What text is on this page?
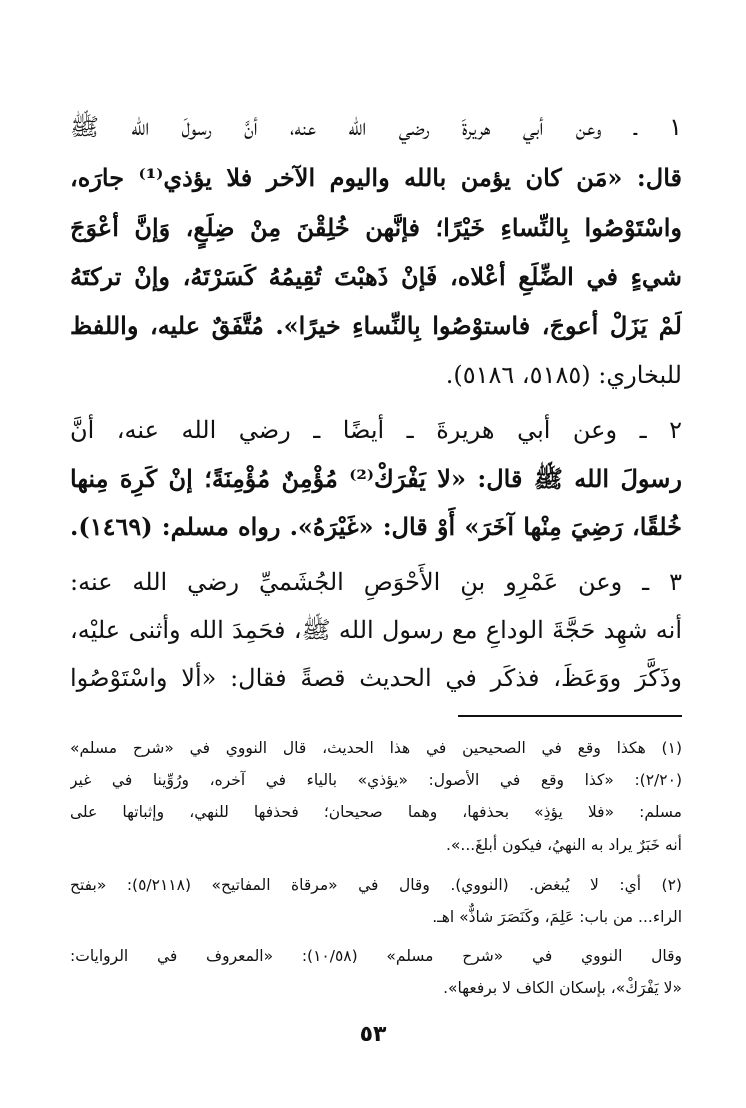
١ ـ وعن أبي هريرةَ رضي الله عنه، أنَّ رسولَ الله ﷺ
قال: «مَن كان يؤمن بالله واليوم الآخر فلا يؤذي⁽¹⁾ جارَه،
واسْتَوْصُوا بِالنِّساءِ خَيْرًا؛ فإنَّهن خُلِقْنَ مِنْ ضِلَعٍ، وَإنَّ أعْوَجَ
شيءٍ في الضِّلَعِ أعْلاه، فَإنْ ذَهبْتَ تُقِيمُهُ كَسَرْتَهُ، وإنْ تركتَهُ
لَمْ يَزَلْ أعوجَ، فاستوْصُوا بِالنِّساءِ خيرًا». مُتَّفَقٌ عليه، واللفظ
للبخاري: (٥١٨٥، ٥١٨٦).
٢ ـ وعن أبي هريرةَ ـ أيضًا ـ رضي الله عنه، أنَّ
رسولَ الله ﷺ قال: «لا يَفْرَكْ⁽²⁾ مُؤْمِنٌ مُؤْمِنَةً؛ إنْ كَرِهَ مِنها
خُلقًا، رَضِيَ مِنْها آخَرَ» أَوْ قال: «غَيْرَهُ». رواه مسلم: (١٤٦٩).
٣ ـ وعن عَمْرِو بنِ الأَحْوَصِ الجُشَميِّ رضي الله عنه:
أنه شهِد حَجَّةَ الوداعِ مع رسول الله ﷺ، فحَمِدَ الله وأثنى عليْه،
وذَكَّرَ ووَعَظَ، فذكَر في الحديث قصةً فقال: «ألا واسْتَوْصُوا
(١) هكذا وقع في الصحيحين في هذا الحديث، قال النووي في «شرح مسلم»
(٢/٢٠): «كذا وقع في الأصول: «يؤذي» بالياء في آخره، ورُوِّينا في غير
مسلم: «فلا يؤذِ» بحذفها، وهما صحيحان؛ فحذفها للنهي، وإثباتها على
أنه خَبَرٌ يراد به النهيُ، فيكون أبلغَ...».
(٢) أي: لا يُبغض. (النووي). وقال في «مرقاة المفاتيح» (٥/٢١١٨): «بفتح
الراء... من باب: عَلِمَ، وكَنَصَرَ شاذٌّ» اهـ.
وقال النووي في «شرح مسلم» (١٠/٥٨): «المعروف في الروايات:
«لا يَفْرَكْ»، بإسكان الكاف لا برفعها».
٥٣
